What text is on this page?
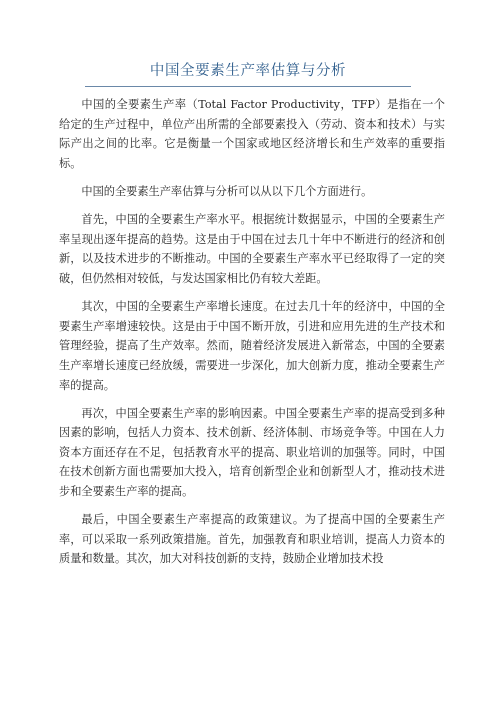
中国全要素生产率估算与分析

中国的全要素生产率（Total Factor Productivity，TFP）是指在一个给定的生产过程中，单位产出所需的全部要素投入（劳动、资本和技术）与实际产出之间的比率。它是衡量一个国家或地区经济增长和生产效率的重要指标。

中国的全要素生产率估算与分析可以从以下几个方面进行。

首先，中国的全要素生产率水平。根据统计数据显示，中国的全要素生产率呈现出逐年提高的趋势。这是由于中国在过去几十年中不断进行的经济和创新，以及技术进步的不断推动。中国的全要素生产率水平已经取得了一定的突破，但仍然相对较低，与发达国家相比仍有较大差距。

其次，中国的全要素生产率增长速度。在过去几十年的经济中，中国的全要素生产率增速较快。这是由于中国不断开放，引进和应用先进的生产技术和管理经验，提高了生产效率。然而，随着经济发展进入新常态，中国的全要素生产率增长速度已经放缓，需要进一步深化，加大创新力度，推动全要素生产率的提高。

再次，中国全要素生产率的影响因素。中国全要素生产率的提高受到多种因素的影响，包括人力资本、技术创新、经济体制、市场竞争等。中国在人力资本方面还存在不足，包括教育水平的提高、职业培训的加强等。同时，中国在技术创新方面也需要加大投入，培育创新型企业和创新型人才，推动技术进步和全要素生产率的提高。

最后，中国全要素生产率提高的政策建议。为了提高中国的全要素生产率，可以采取一系列政策措施。首先，加强教育和职业培训，提高人力资本的质量和数量。其次，加大对科技创新的支持，鼓励企业增加技术投
